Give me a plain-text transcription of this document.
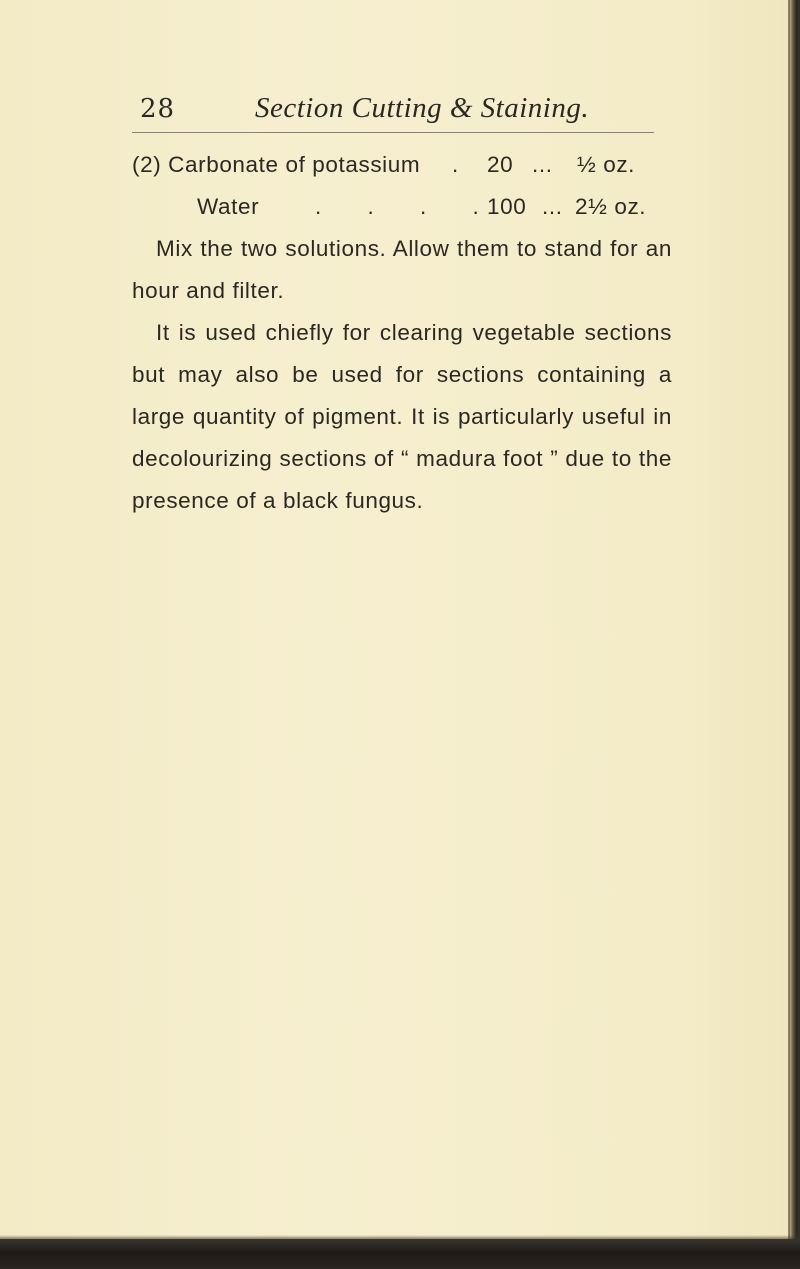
28	Section Cutting & Staining.
(2) Carbonate of potassium . 20 ... ½ oz.
Water . . . .
100 ... 2½ oz.

Mix the two solutions. Allow them to stand for an hour and filter.

It is used chiefly for clearing vegetable sections but may also be used for sections containing a large quantity of pigment. It is particularly useful in decolourizing sections of “ madura foot ” due to the presence of a black fungus.
